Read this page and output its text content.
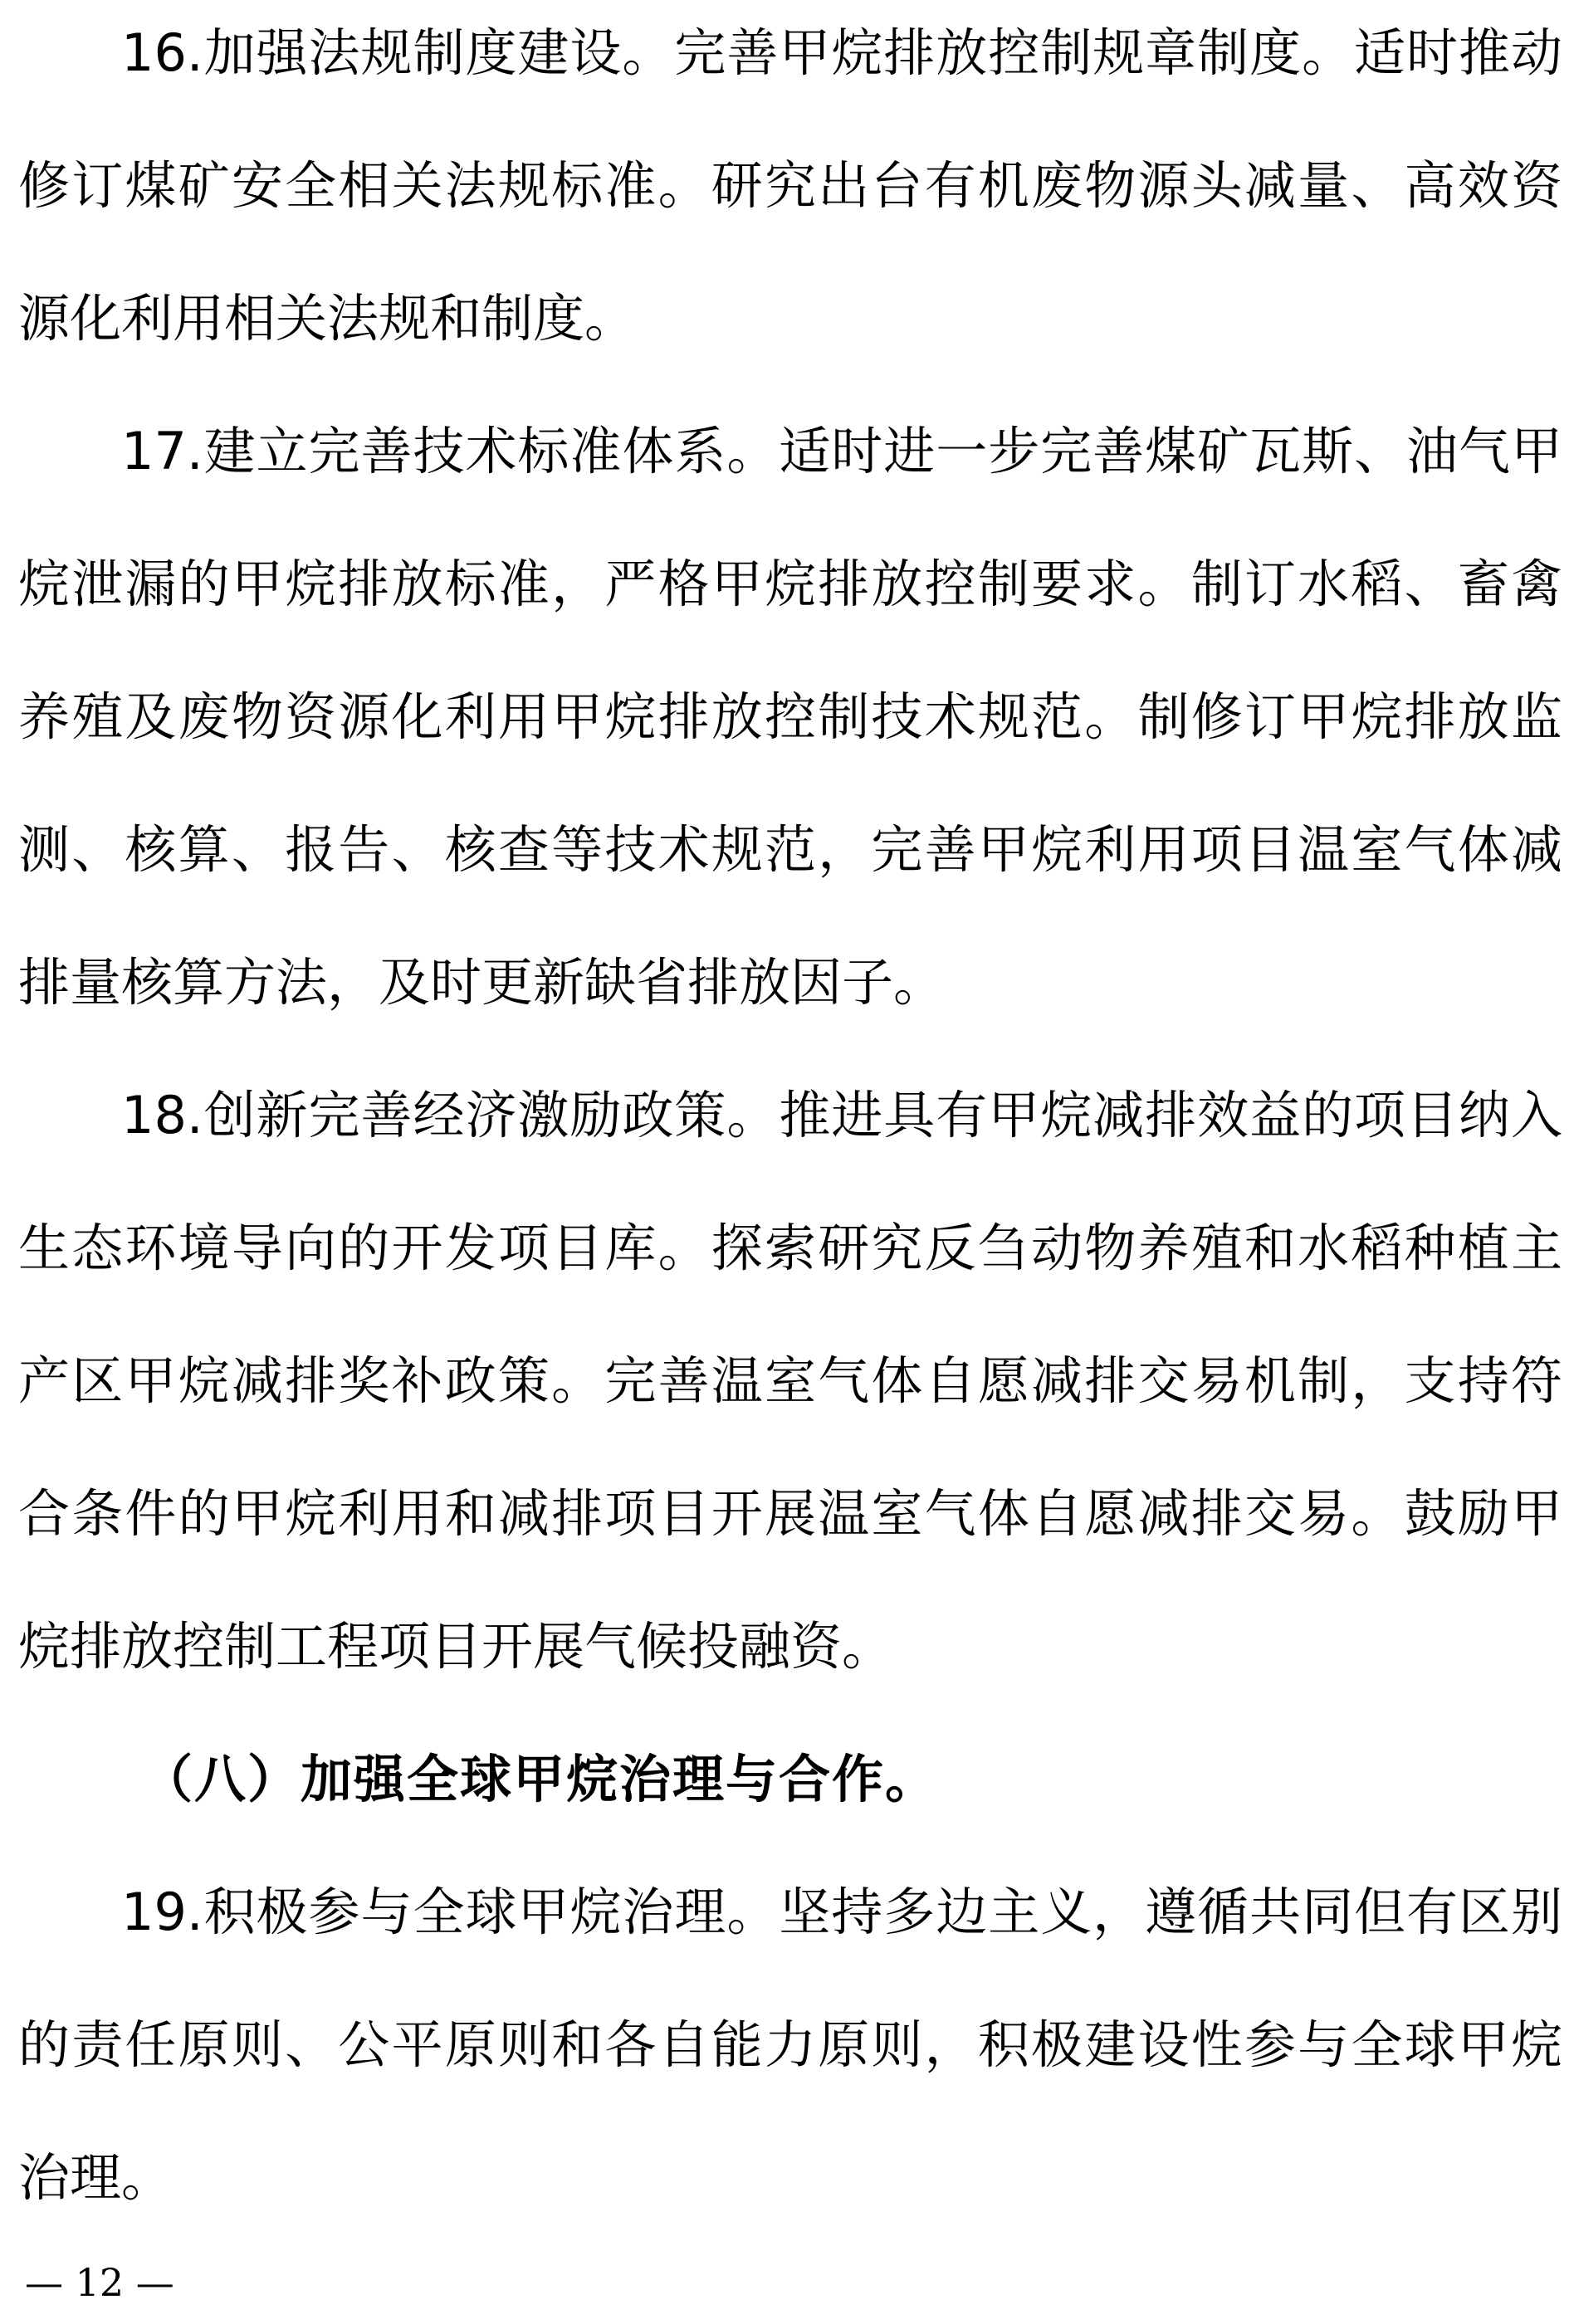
16.加强法规制度建设。完善甲烷排放控制规章制度。适时推动
修订煤矿安全相关法规标准。研究出台有机废物源头减量、高效资
源化利用相关法规和制度。
17.建立完善技术标准体系。适时进一步完善煤矿瓦斯、油气甲
烷泄漏的甲烷排放标准，严格甲烷排放控制要求。制订水稻、畜禽
养殖及废物资源化利用甲烷排放控制技术规范。制修订甲烷排放监
测、核算、报告、核查等技术规范，完善甲烷利用项目温室气体减
排量核算方法，及时更新缺省排放因子。
18.创新完善经济激励政策。推进具有甲烷减排效益的项目纳入
生态环境导向的开发项目库。探索研究反刍动物养殖和水稻种植主
产区甲烷减排奖补政策。完善温室气体自愿减排交易机制，支持符
合条件的甲烷利用和减排项目开展温室气体自愿减排交易。鼓励甲
烷排放控制工程项目开展气候投融资。
（八）加强全球甲烷治理与合作。
19.积极参与全球甲烷治理。坚持多边主义，遵循共同但有区别
的责任原则、公平原则和各自能力原则，积极建设性参与全球甲烷
治理。
— 12 —
